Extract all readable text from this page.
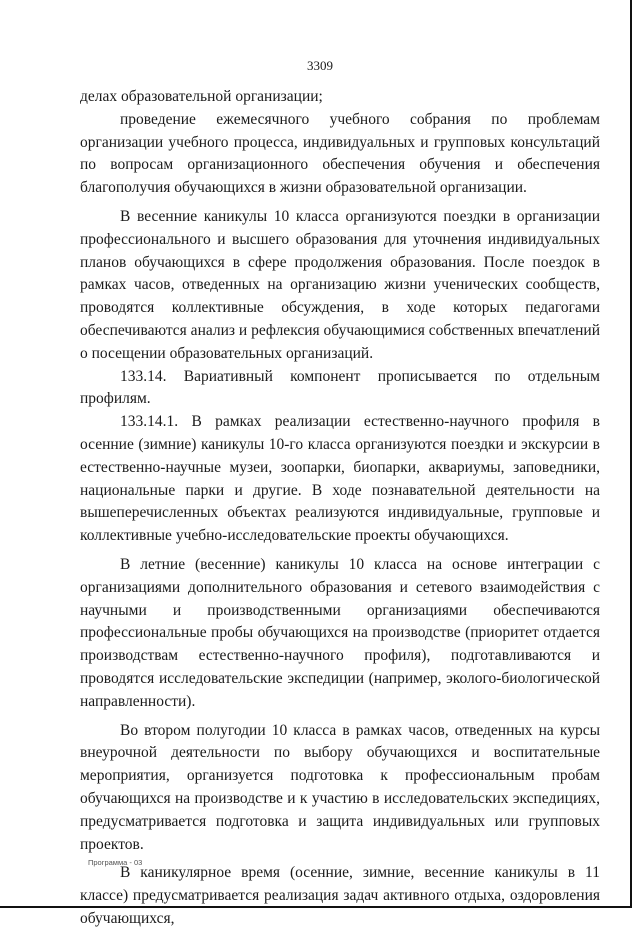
3309

делах образовательной организации;

проведение ежемесячного учебного собрания по проблемам организации учебного процесса, индивидуальных и групповых консультаций по вопросам организационного обеспечения обучения и обеспечения благополучия обучающихся в жизни образовательной организации.

В весенние каникулы 10 класса организуются поездки в организации профессионального и высшего образования для уточнения индивидуальных планов обучающихся в сфере продолжения образования. После поездок в рамках часов, отведенных на организацию жизни ученических сообществ, проводятся коллективные обсуждения, в ходе которых педагогами обеспечиваются анализ и рефлексия обучающимися собственных впечатлений о посещении образовательных организаций.

133.14. Вариативный компонент прописывается по отдельным профилям.

133.14.1. В рамках реализации естественно-научного профиля в осенние (зимние) каникулы 10-го класса организуются поездки и экскурсии в естественно-научные музеи, зоопарки, биопарки, аквариумы, заповедники, национальные парки и другие. В ходе познавательной деятельности на вышеперечисленных объектах реализуются индивидуальные, групповые и коллективные учебно-исследовательские проекты обучающихся.

В летние (весенние) каникулы 10 класса на основе интеграции с организациями дополнительного образования и сетевого взаимодействия с научными и производственными организациями обеспечиваются профессиональные пробы обучающихся на производстве (приоритет отдается производствам естественно-научного профиля), подготавливаются и проводятся исследовательские экспедиции (например, эколого-биологической направленности).

Во втором полугодии 10 класса в рамках часов, отведенных на курсы внеурочной деятельности по выбору обучающихся и воспитательные мероприятия, организуется подготовка к профессиональным пробам обучающихся на производстве и к участию в исследовательских экспедициях, предусматривается подготовка и защита индивидуальных или групповых проектов.

В каникулярное время (осенние, зимние, весенние каникулы в 11 классе) предусматривается реализация задач активного отдыха, оздоровления обучающихся,

Программа - 03
